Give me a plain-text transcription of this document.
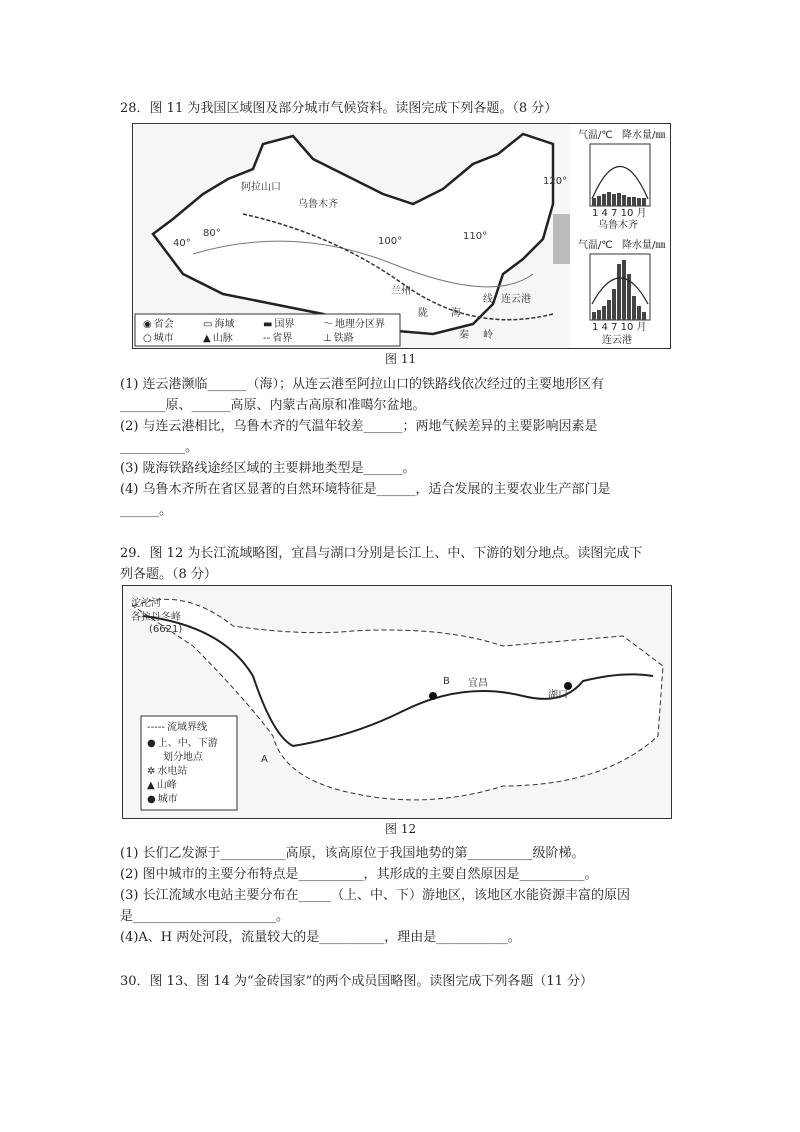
28．图 11 为我国区域图及部分城市气候资料。读图完成下列各题。（8 分）
阿拉山口
乌鲁木齐
兰州
连云港
40°
80°
100°	110°
120°
陇 海
线
秦 岭
◉ 省会	▭ 海域	▬ 国界	〜 地理分区界
○ 城市	▲ 山脉	-- 省界	⊥ 铁路
气温/℃ 降水量/㎜
1 4 7 10 月
乌鲁木齐
气温/℃ 降水量/㎜
1 4 7 10 月
连云港
图 11
(1) 连云港濒临______（海）；从连云港至阿拉山口的铁路线依次经过的主要地形区有
_______原、______高原、内蒙古高原和准噶尔盆地。
(2) 与连云港相比，乌鲁木齐的气温年较差______；两地气候差异的主要影响因素是
__________。
(3) 陇海铁路线途经区域的主要耕地类型是______。
(4) 乌鲁木齐所在省区显著的自然环境特征是______，适合发展的主要农业生产部门是
______。
29．图 12 为长江流域略图，宜昌与湖口分别是长江上、中、下游的划分地点。读图完成下
列各题。（8 分）
沱沱河
各拉丹冬峰
(6621)
B
A
宜昌
湖口
----- 流域界线
● 上、中、下游
划分地点
✲ 水电站
▲ 山峰
● 城市
图 12
(1) 长们乙发源于__________高原，该高原位于我国地势的第__________级阶梯。
(2) 图中城市的主要分布特点是__________，其形成的主要自然原因是__________。
(3) 长江流域水电站主要分布在_____（上、中、下）游地区，该地区水能资源丰富的原因
是______________________。
(4)A、H 两处河段，流量较大的是__________，理由是___________。
30．图 13、图 14 为“金砖国家”的两个成员国略图。读图完成下列各题（11 分）
